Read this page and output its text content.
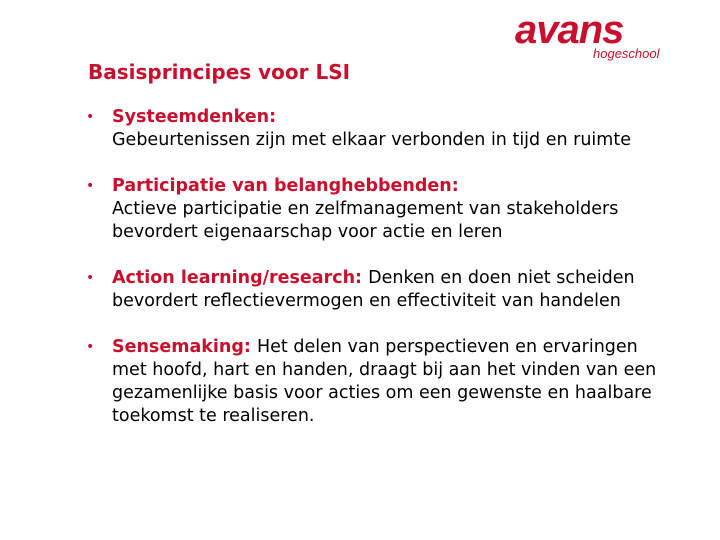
avans
hogeschool
Basisprincipes voor LSI
• Systeemdenken:
Gebeurtenissen zijn met elkaar verbonden in tijd en ruimte
• Participatie van belanghebbenden:
Actieve participatie en zelfmanagement van stakeholders bevordert eigenaarschap voor actie en leren
• Action learning/research: Denken en doen niet scheiden bevordert reflectievermogen en effectiviteit van handelen
• Sensemaking: Het delen van perspectieven en ervaringen met hoofd, hart en handen, draagt bij aan het vinden van een gezamenlijke basis voor acties om een gewenste en haalbare toekomst te realiseren.
